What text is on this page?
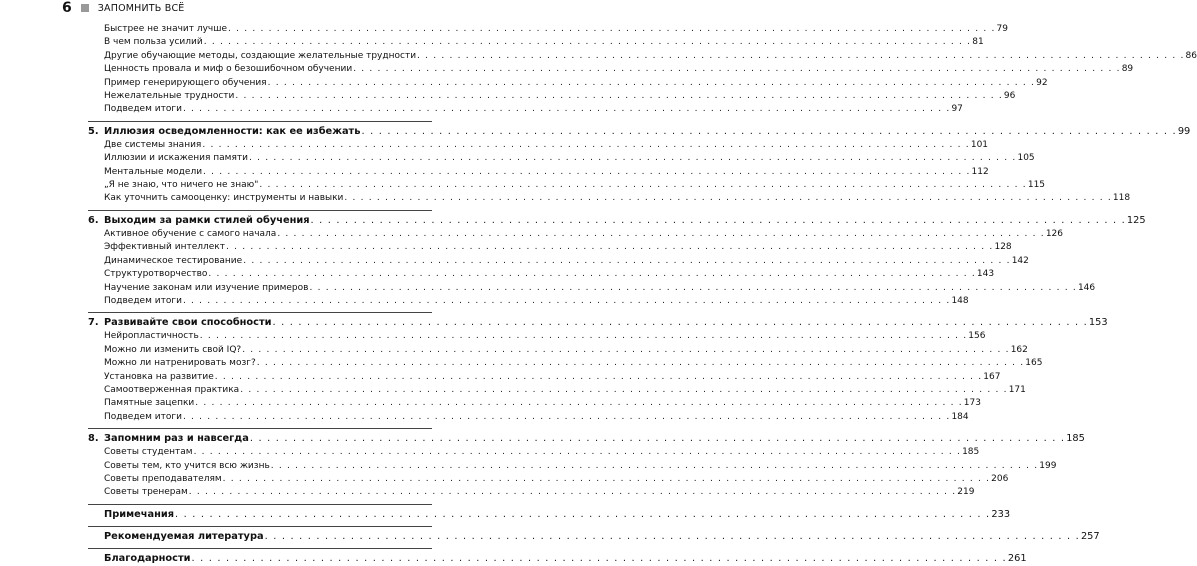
6	ЗАПОМНИТЬ ВСЁ
Быстрее не значит лучше . . .	79
В чем польза усилий . . .	81
Другие обучающие методы, создающие желательные трудности . . .	86
Ценность провала и миф о безошибочном обучении . . .	89
Пример генерирующего обучения . . .	92
Нежелательные трудности . . .	96
Подведем итоги . . .	97
5. Иллюзия осведомленности: как ее избежать . . .	99
Две системы знания . . .	101
Иллюзии и искажения памяти . . .	105
Ментальные модели . . .	112
„Я не знаю, что ничего не знаю" . . .	115
Как уточнить самооценку: инструменты и навыки . . .	118
6. Выходим за рамки стилей обучения . . .	125
Активное обучение с самого начала . . .	126
Эффективный интеллект . . .	128
Динамическое тестирование . . .	142
Структуротворчество . . .	143
Научение законам или изучение примеров . . .	146
Подведем итоги . . .	148
7. Развивайте свои способности . . .	153
Нейропластичность . . .	156
Можно ли изменить свой IQ? . . .	162
Можно ли натренировать мозг? . . .	165
Установка на развитие . . .	167
Самоотверженная практика . . .	171
Памятные зацепки . . .	173
Подведем итоги . . .	184
8. Запомним раз и навсегда . . .	185
Советы студентам . . .	185
Советы тем, кто учится всю жизнь . . .	199
Советы преподавателям . . .	206
Советы тренерам . . .	219
Примечания . . .	233
Рекомендуемая литература . . .	257
Благодарности . . .	261
